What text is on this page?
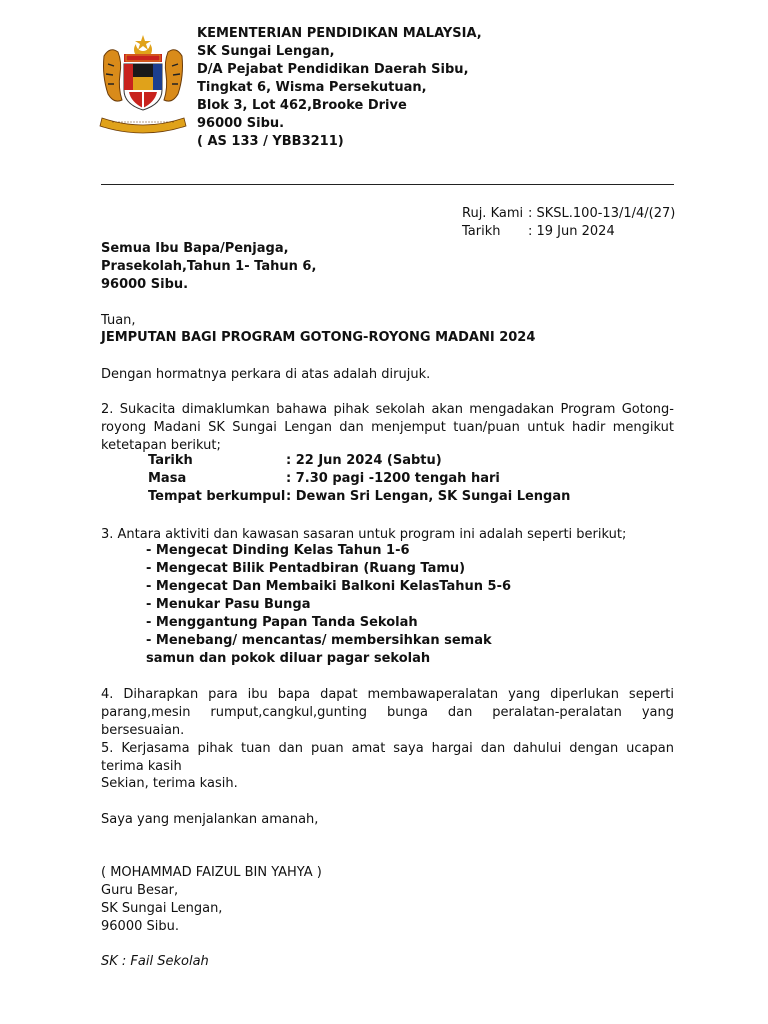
KEMENTERIAN PENDIDIKAN MALAYSIA,
SK Sungai Lengan,
D/A Pejabat Pendidikan Daerah Sibu,
Tingkat 6, Wisma Persekutuan,
Blok 3, Lot 462,Brooke Drive
96000 Sibu.
( AS 133 / YBB3211)
Ruj. Kami : SKSL.100-13/1/4/(27)
Tarikh : 19 Jun 2024
Semua Ibu Bapa/Penjaga,
Prasekolah,Tahun 1- Tahun 6,
96000 Sibu.
Tuan,
JEMPUTAN BAGI PROGRAM GOTONG-ROYONG MADANI 2024
Dengan hormatnya perkara di atas adalah dirujuk.
2. Sukacita dimaklumkan bahawa pihak sekolah akan mengadakan Program Gotong-royong Madani SK Sungai Lengan dan menjemput tuan/puan untuk hadir mengikut ketetapan berikut;
Tarikh	: 22 Jun 2024 (Sabtu)
Masa	: 7.30 pagi -1200 tengah hari
Tempat berkumpul: Dewan Sri Lengan, SK Sungai Lengan
3. Antara aktiviti dan kawasan sasaran untuk program ini adalah seperti berikut;
- Mengecat Dinding Kelas Tahun 1-6
- Mengecat Bilik Pentadbiran (Ruang Tamu)
- Mengecat Dan Membaiki Balkoni KelasTahun 5-6
- Menukar Pasu Bunga
- Menggantung Papan Tanda Sekolah
- Menebang/ mencantas/ membersihkan semak
samun dan pokok diluar pagar sekolah
4. Diharapkan para ibu bapa dapat membawaperalatan yang diperlukan seperti parang,mesin rumput,cangkul,gunting bunga dan peralatan-peralatan yang bersesuaian.
5. Kerjasama pihak tuan dan puan amat saya hargai dan dahului dengan ucapan terima kasih
Sekian, terima kasih.
Saya yang menjalankan amanah,
( MOHAMMAD FAIZUL BIN YAHYA )
Guru Besar,
SK Sungai Lengan,
96000 Sibu.
SK : Fail Sekolah
